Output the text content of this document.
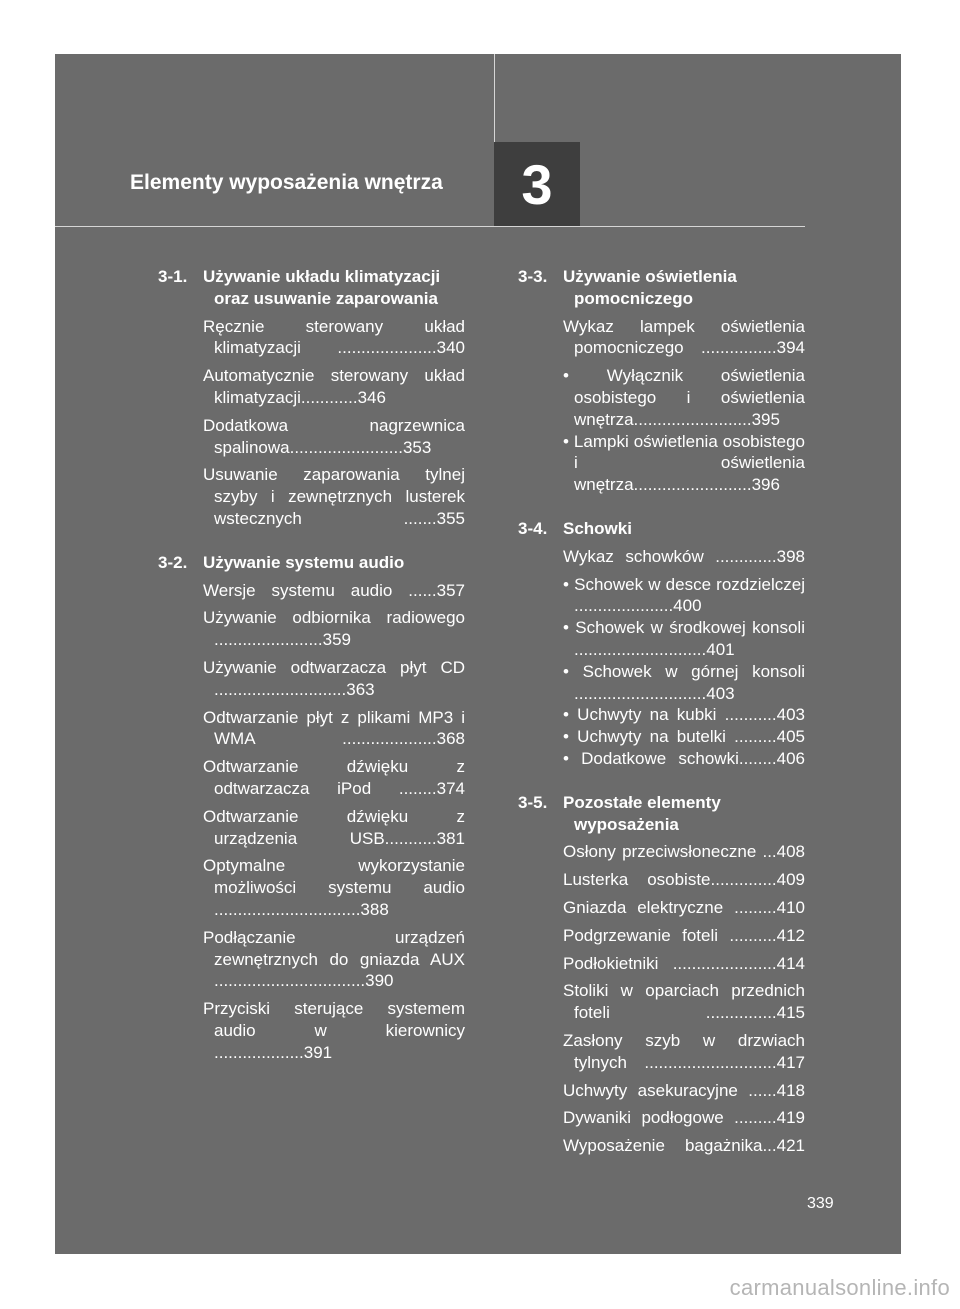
Elementy wyposażenia wnętrza 3
3-1. Używanie układu klimatyzacji oraz usuwanie zaparowania
Ręcznie sterowany układ klimatyzacji .....................340
Automatycznie sterowany układ klimatyzacji............346
Dodatkowa nagrzewnica spalinowa........................353
Usuwanie zaparowania tylnej szyby i zewnętrznych lusterek wstecznych .......355
3-2. Używanie systemu audio
Wersje systemu audio ......357
Używanie odbiornika radiowego .......................359
Używanie odtwarzacza płyt CD ............................363
Odtwarzanie płyt z plikami MP3 i WMA ....................368
Odtwarzanie dźwięku z odtwarzacza iPod ........374
Odtwarzanie dźwięku z urządzenia USB...........381
Optymalne wykorzystanie możliwości systemu audio ...............................388
Podłączanie urządzeń zewnętrznych do gniazda AUX ................................390
Przyciski sterujące systemem audio w kierownicy ...................391
3-3. Używanie oświetlenia pomocniczego
Wykaz lampek oświetlenia pomocniczego ................394
• Wyłącznik oświetlenia osobistego i oświetlenia wnętrza.........................395
• Lampki oświetlenia osobistego i oświetlenia wnętrza.........................396
3-4. Schowki
Wykaz schowków .............398
• Schowek w desce rozdzielczej .....................400
• Schowek w środkowej konsoli ............................401
• Schowek w górnej konsoli ............................403
• Uchwyty na kubki ...........403
• Uchwyty na butelki .........405
• Dodatkowe schowki........406
3-5. Pozostałe elementy wyposażenia
Osłony przeciwsłoneczne ...408
Lusterka osobiste..............409
Gniazda elektryczne .........410
Podgrzewanie foteli ..........412
Podłokietniki ......................414
Stoliki w oparciach przednich foteli ...............415
Zasłony szyb w drzwiach tylnych ............................417
Uchwyty asekuracyjne ......418
Dywaniki podłogowe .........419
Wyposażenie bagażnika...421
339
carmanualsonline.info
